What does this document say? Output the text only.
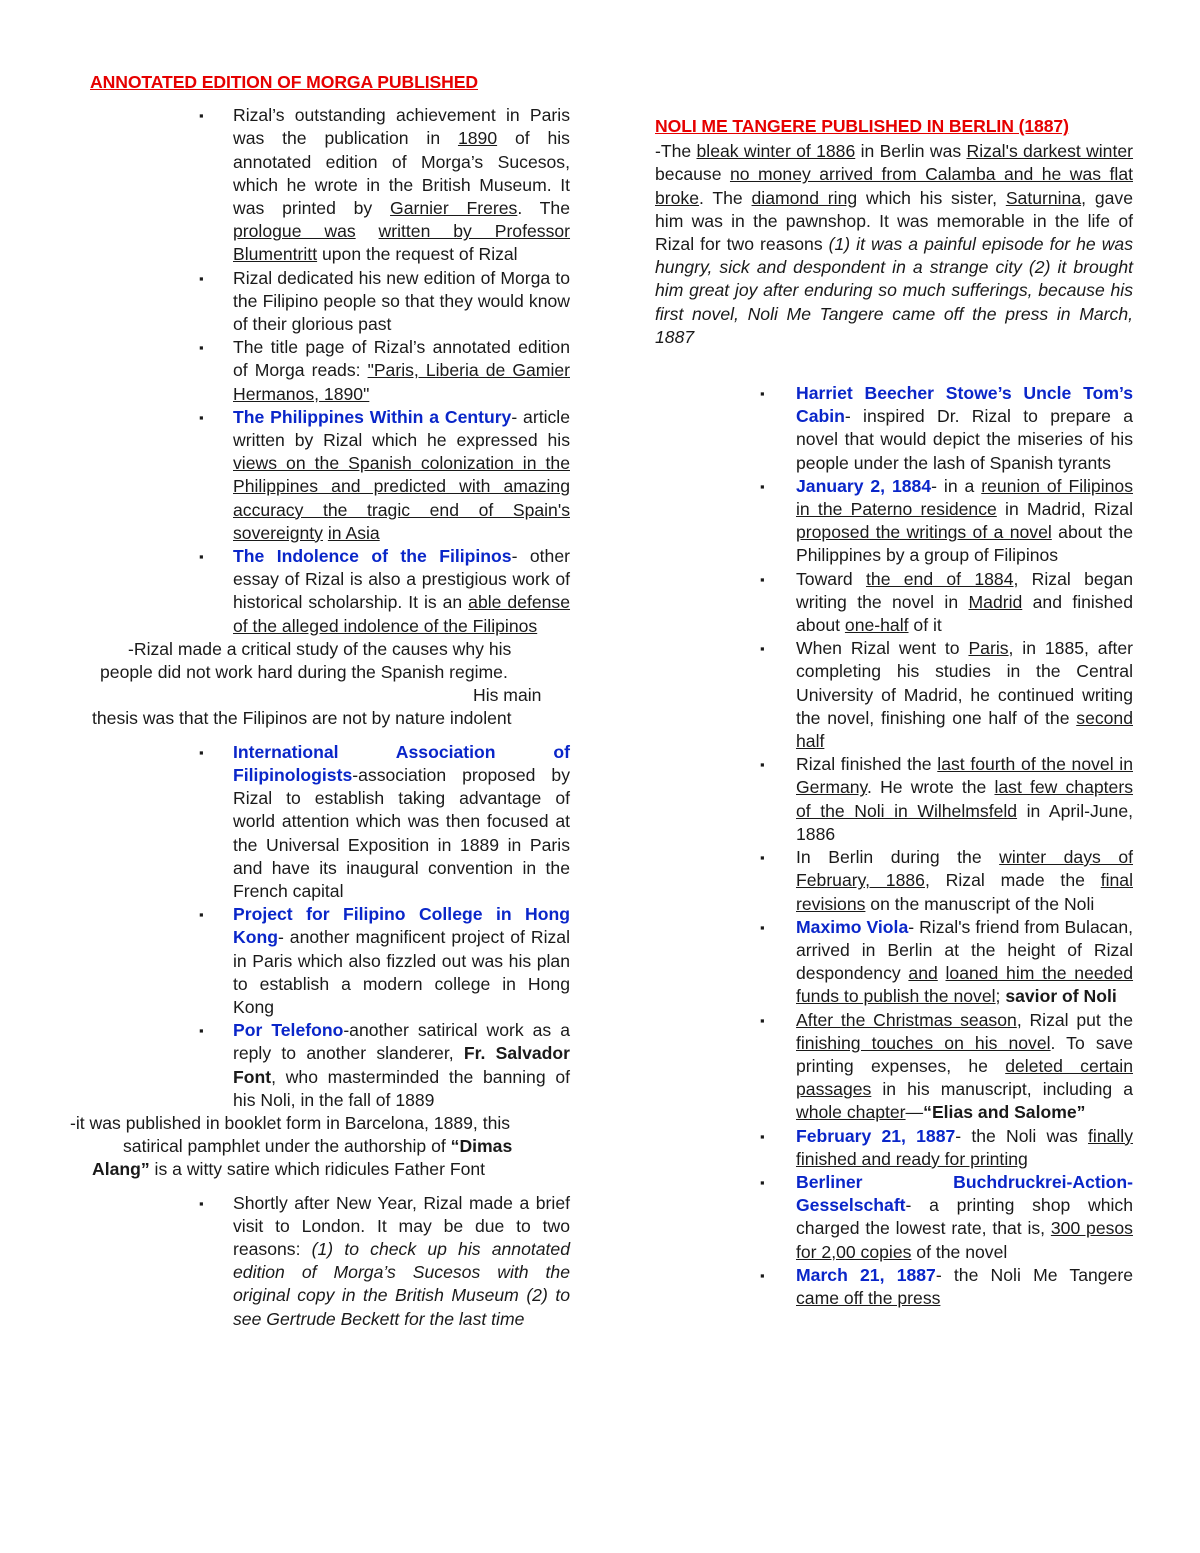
ANNOTATED EDITION OF MORGA PUBLISHED
▪ Rizal’s outstanding achievement in Paris was the publication in 1890 of his annotated edition of Morga’s Sucesos, which he wrote in the British Museum. It was printed by Garnier Freres. The prologue was written by Professor Blumentritt upon the request of Rizal
▪ Rizal dedicated his new edition of Morga to the Filipino people so that they would know of their glorious past
▪ The title page of Rizal’s annotated edition of Morga reads: "Paris, Liberia de Gamier Hermanos, 1890"
▪ The Philippines Within a Century- article written by Rizal which he expressed his views on the Spanish colonization in the Philippines and predicted with amazing accuracy the tragic end of Spain's sovereignty in Asia
▪ The Indolence of the Filipinos- other essay of Rizal is also a prestigious work of historical scholarship. It is an able defense of the alleged indolence of the Filipinos

-Rizal made a critical study of the causes why his

people did not work hard during the Spanish regime.

His main

thesis was that the Filipinos are not by nature indolent

▪ International Association of Filipinologists-association proposed by Rizal to establish taking advantage of world attention which was then focused at the Universal Exposition in 1889 in Paris and have its inaugural convention in the French capital
▪ Project for Filipino College in Hong Kong- another magnificent project of Rizal in Paris which also fizzled out was his plan to establish a modern college in Hong Kong
▪ Por Telefono-another satirical work as a reply to another slanderer, Fr. Salvador Font, who masterminded the banning of his Noli, in the fall of 1889

-it was published in booklet form in Barcelona, 1889, this

satirical pamphlet under the authorship of “Dimas

Alang” is a witty satire which ridicules Father Font

▪ Shortly after New Year, Rizal made a brief visit to London. It may be due to two reasons: (1) to check up his annotated edition of Morga’s Sucesos with the original copy in the British Museum (2) to see Gertrude Beckett for the last time
NOLI ME TANGERE PUBLISHED IN BERLIN (1887)

-The bleak winter of 1886 in Berlin was Rizal's darkest winter because no money arrived from Calamba and he was flat broke. The diamond ring which his sister, Saturnina, gave him was in the pawnshop. It was memorable in the life of Rizal for two reasons (1) it was a painful episode for he was hungry, sick and despondent in a strange city (2) it brought him great joy after enduring so much sufferings, because his first novel, Noli Me Tangere came off the press in March, 1887

▪ Harriet Beecher Stowe’s Uncle Tom’s Cabin- inspired Dr. Rizal to prepare a novel that would depict the miseries of his people under the lash of Spanish tyrants
▪ January 2, 1884- in a reunion of Filipinos in the Paterno residence in Madrid, Rizal proposed the writings of a novel about the Philippines by a group of Filipinos
▪ Toward the end of 1884, Rizal began writing the novel in Madrid and finished about one-half of it
▪ When Rizal went to Paris, in 1885, after completing his studies in the Central University of Madrid, he continued writing the novel, finishing one half of the second half
▪ Rizal finished the last fourth of the novel in Germany. He wrote the last few chapters of the Noli in Wilhelmsfeld in April-June, 1886
▪ In Berlin during the winter days of February, 1886, Rizal made the final revisions on the manuscript of the Noli
▪ Maximo Viola- Rizal's friend from Bulacan, arrived in Berlin at the height of Rizal despondency and loaned him the needed funds to publish the novel; savior of Noli
▪ After the Christmas season, Rizal put the finishing touches on his novel. To save printing expenses, he deleted certain passages in his manuscript, including a whole chapter—“Elias and Salome”
▪ February 21, 1887- the Noli was finally finished and ready for printing
▪ Berliner Buchdruckrei-Action-Gesselschaft- a printing shop which charged the lowest rate, that is, 300 pesos for 2,00 copies of the novel
▪ March 21, 1887- the Noli Me Tangere came off the press
